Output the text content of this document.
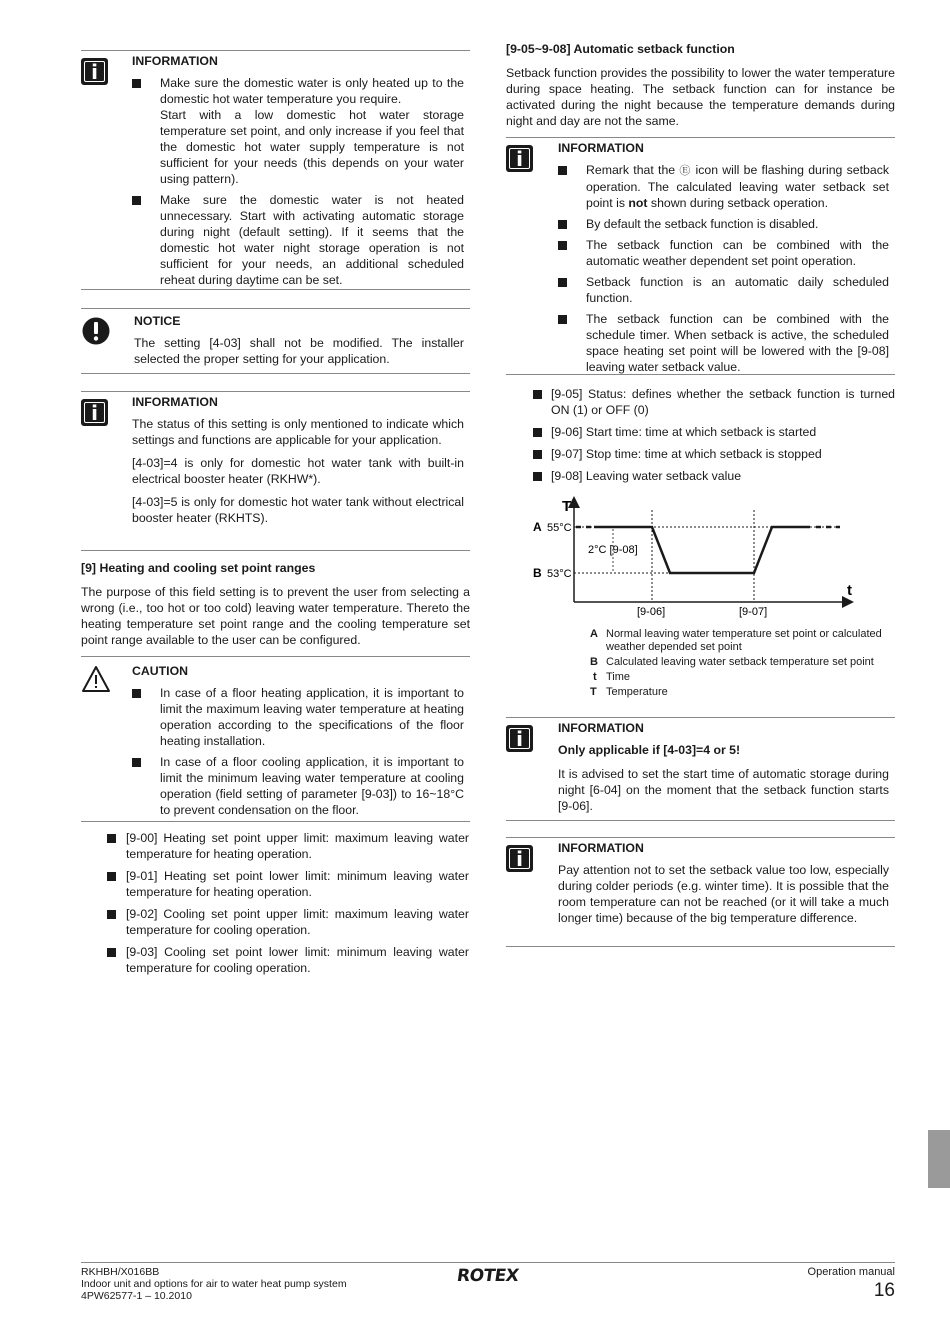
i	INFORMATION
Make sure the domestic water is only heated up to the domestic hot water temperature you require.
Start with a low domestic hot water storage temperature set point, and only increase if you feel that the domestic hot water supply temperature is not sufficient for your needs (this depends on your water using pattern).
Make sure the domestic water is not heated unnecessary. Start with activating automatic storage during night (default setting). If it seems that the domestic hot water night storage operation is not sufficient for your needs, an additional scheduled reheat during daytime can be set.
NOTICE
The setting [4-03] shall not be modified. The installer selected the proper setting for your application.
i	INFORMATION
The status of this setting is only mentioned to indicate which settings and functions are applicable for your application.
[4-03]=4 is only for domestic hot water tank with built-in electrical booster heater (RKHW*).
[4-03]=5 is only for domestic hot water tank without electrical booster heater (RKHTS).
[9] Heating and cooling set point ranges
The purpose of this field setting is to prevent the user from selecting a wrong (i.e., too hot or too cold) leaving water temperature. Thereto the heating temperature set point range and the cooling temperature set point range available to the user can be configured.
CAUTION
In case of a floor heating application, it is important to limit the maximum leaving water temperature at heating operation according to the specifications of the floor heating installation.
In case of a floor cooling application, it is important to limit the minimum leaving water temperature at cooling operation (field setting of parameter [9-03]) to 16~18°C to prevent condensation on the floor.
[9-00] Heating set point upper limit: maximum leaving water temperature for heating operation.
[9-01] Heating set point lower limit: minimum leaving water temperature for heating operation.
[9-02] Cooling set point upper limit: maximum leaving water temperature for cooling operation.
[9-03] Cooling set point lower limit: minimum leaving water temperature for cooling operation.
[9-05~9-08] Automatic setback function
Setback function provides the possibility to lower the water temperature during space heating. The setback function can for instance be activated during the night because the temperature demands during night and day are not the same.
i	INFORMATION
Remark that the Ⓔ icon will be flashing during setback operation. The calculated leaving water setback set point is not shown during setback operation.
By default the setback function is disabled.
The setback function can be combined with the automatic weather dependent set point operation.
Setback function is an automatic daily scheduled function.
The setback function can be combined with the schedule timer. When setback is active, the scheduled space heating set point will be lowered with the [9-08] leaving water setback value.
[9-05] Status: defines whether the setback function is turned ON (1) or OFF (0)
[9-06] Start time: time at which setback is started
[9-07] Stop time: time at which setback is stopped
[9-08] Leaving water setback value
T
t
A 55°C
B 53°C
2°C [9-08]
[9-06]	[9-07]
A Normal leaving water temperature set point or calculated weather depended set point
B Calculated leaving water setback temperature set point
t Time
T Temperature
i	INFORMATION
Only applicable if [4-03]=4 or 5!
It is advised to set the start time of automatic storage during night [6-04] on the moment that the setback function starts [9-06].
i	INFORMATION
Pay attention not to set the setback value too low, especially during colder periods (e.g. winter time). It is possible that the room temperature can not be reached (or it will take a much longer time) because of the big temperature difference.
RKHBH/X016BB
Indoor unit and options for air to water heat pump system
4PW62577-1 – 10.2010
ROTEX	Operation manual
16
